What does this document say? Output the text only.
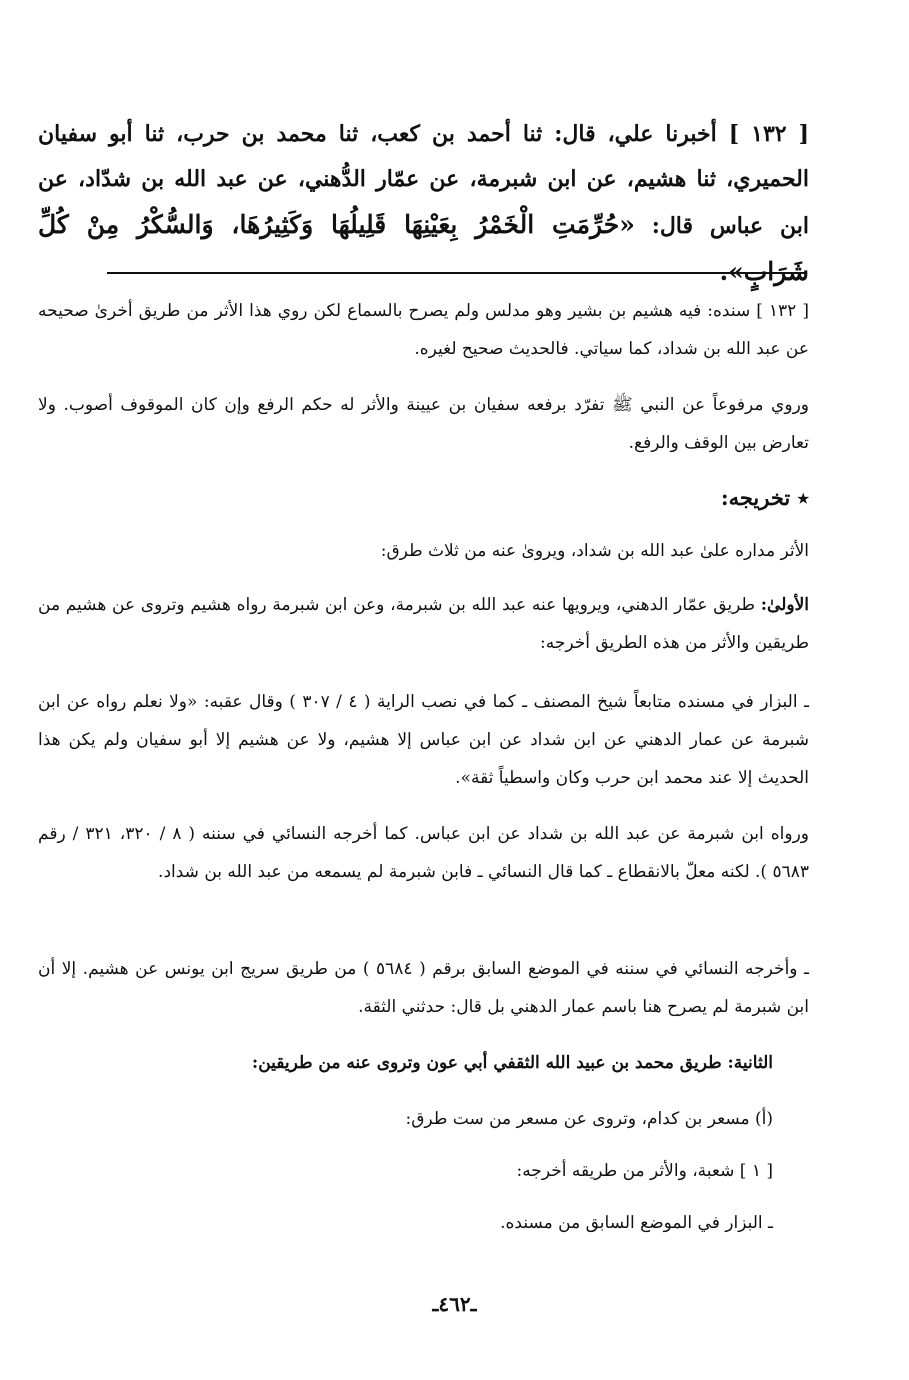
[ ١٣٢ ] أخبرنا علي، قال: ثنا أحمد بن كعب، ثنا محمد بن حرب، ثنا أبو سفيان الحميري، ثنا هشيم، عن ابن شبرمة، عن عمّار الدُّهني، عن عبد الله بن شدّاد، عن ابن عباس قال: «حُرِّمَتِ الْخَمْرُ بِعَيْنِهَا قَلِيلُهَا وَكَثِيرُهَا، وَالسُّكْرُ مِنْ كُلِّ شَرَابٍ».
[ ١٣٢ ] سنده: فيه هشيم بن بشير وهو مدلس ولم يصرح بالسماع لكن روي هذا الأثر من طريق أخرىٰ صحيحه عن عبد الله بن شداد، كما سياتي. فالحديث صحيح لغيره.
وروي مرفوعاً عن النبي ﷺ تفرّد برفعه سفيان بن عيينة والأثر له حكم الرفع وإن كان الموقوف أصوب. ولا تعارض بين الوقف والرفع.
٭ تخريجه:
الأثر مداره علىٰ عبد الله بن شداد، ويرویٰ عنه من ثلاث طرق:
الأولىٰ: طريق عمّار الدهني، ويرويها عنه عبد الله بن شبرمة، وعن ابن شبرمة رواه هشيم وتروى عن هشيم من طريقين والأثر من هذه الطريق أخرجه:
ـ البزار في مسنده متابعاً شيخ المصنف ـ كما في نصب الراية ( ٤ / ٣٠٧ ) وقال عقبه: «ولا نعلم رواه عن ابن شبرمة عن عمار الدهني عن ابن شداد عن ابن عباس إلا هشيم، ولا عن هشيم إلا أبو سفيان ولم يكن هذا الحديث إلا عند محمد ابن حرب وكان واسطياً ثقة».
ورواه ابن شبرمة عن عبد الله بن شداد عن ابن عباس. كما أخرجه النسائي في سننه ( ٨ / ٣٢٠، ٣٢١ / رقم ٥٦٨٣ ). لكنه معلّ بالانقطاع ـ كما قال النسائي ـ فابن شبرمة لم يسمعه من عبد الله بن شداد.
ـ وأخرجه النسائي في سننه في الموضع السابق برقم ( ٥٦٨٤ ) من طريق سريج ابن يونس عن هشيم. إلا أن ابن شبرمة لم يصرح هنا باسم عمار الدهني بل قال: حدثني الثقة.
الثانية: طريق محمد بن عبيد الله الثقفي أبي عون وتروى عنه من طريقين:
(أ) مسعر بن كدام، وتروى عن مسعر من ست طرق:
[ ١ ] شعبة، والأثر من طريقه أخرجه:
ـ البزار في الموضع السابق من مسنده.
ـ٤٦٢ـ
